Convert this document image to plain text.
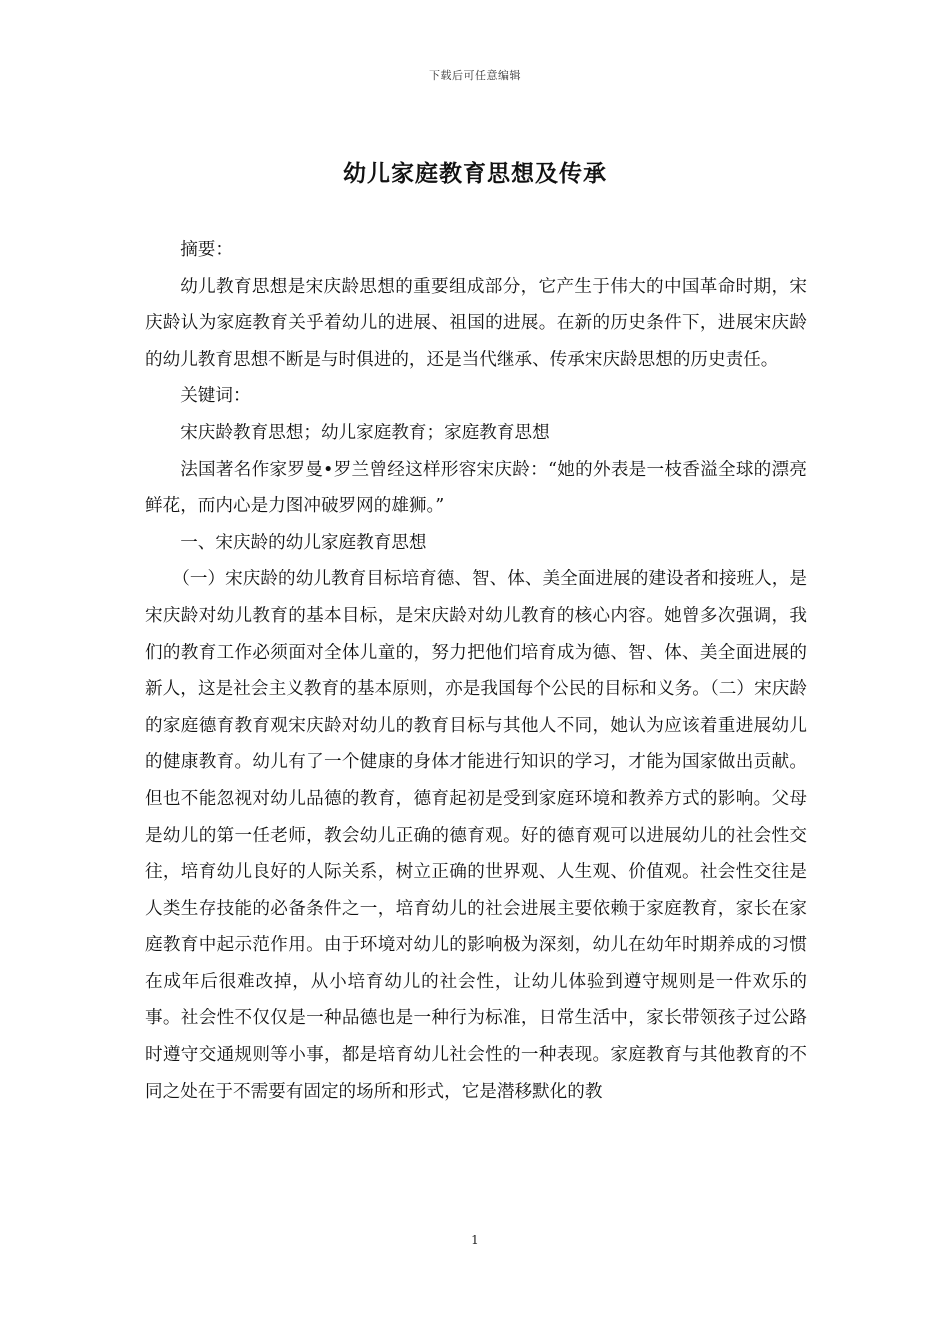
下载后可任意编辑
幼儿家庭教育思想及传承

摘要：

幼儿教育思想是宋庆龄思想的重要组成部分，它产生于伟大的中国革命时期，宋庆龄认为家庭教育关乎着幼儿的进展、祖国的进展。在新的历史条件下，进展宋庆龄的幼儿教育思想不断是与时俱进的，还是当代继承、传承宋庆龄思想的历史责任。

关键词：

宋庆龄教育思想；幼儿家庭教育；家庭教育思想

法国著名作家罗曼•罗兰曾经这样形容宋庆龄：“她的外表是一枝香溢全球的漂亮鲜花，而内心是力图冲破罗网的雄狮。”

一、宋庆龄的幼儿家庭教育思想

（一）宋庆龄的幼儿教育目标培育德、智、体、美全面进展的建设者和接班人，是宋庆龄对幼儿教育的基本目标，是宋庆龄对幼儿教育的核心内容。她曾多次强调，我们的教育工作必须面对全体儿童的，努力把他们培育成为德、智、体、美全面进展的新人，这是社会主义教育的基本原则，亦是我国每个公民的目标和义务。（二）宋庆龄的家庭德育教育观宋庆龄对幼儿的教育目标与其他人不同，她认为应该着重进展幼儿的健康教育。幼儿有了一个健康的身体才能进行知识的学习，才能为国家做出贡献。但也不能忽视对幼儿品德的教育，德育起初是受到家庭环境和教养方式的影响。父母是幼儿的第一任老师，教会幼儿正确的德育观。好的德育观可以进展幼儿的社会性交往，培育幼儿良好的人际关系，树立正确的世界观、人生观、价值观。社会性交往是人类生存技能的必备条件之一，培育幼儿的社会进展主要依赖于家庭教育，家长在家庭教育中起示范作用。由于环境对幼儿的影响极为深刻，幼儿在幼年时期养成的习惯在成年后很难改掉，从小培育幼儿的社会性，让幼儿体验到遵守规则是一件欢乐的事。社会性不仅仅是一种品德也是一种行为标准，日常生活中，家长带领孩子过公路时遵守交通规则等小事，都是培育幼儿社会性的一种表现。家庭教育与其他教育的不同之处在于不需要有固定的场所和形式，它是潜移默化的教

1
